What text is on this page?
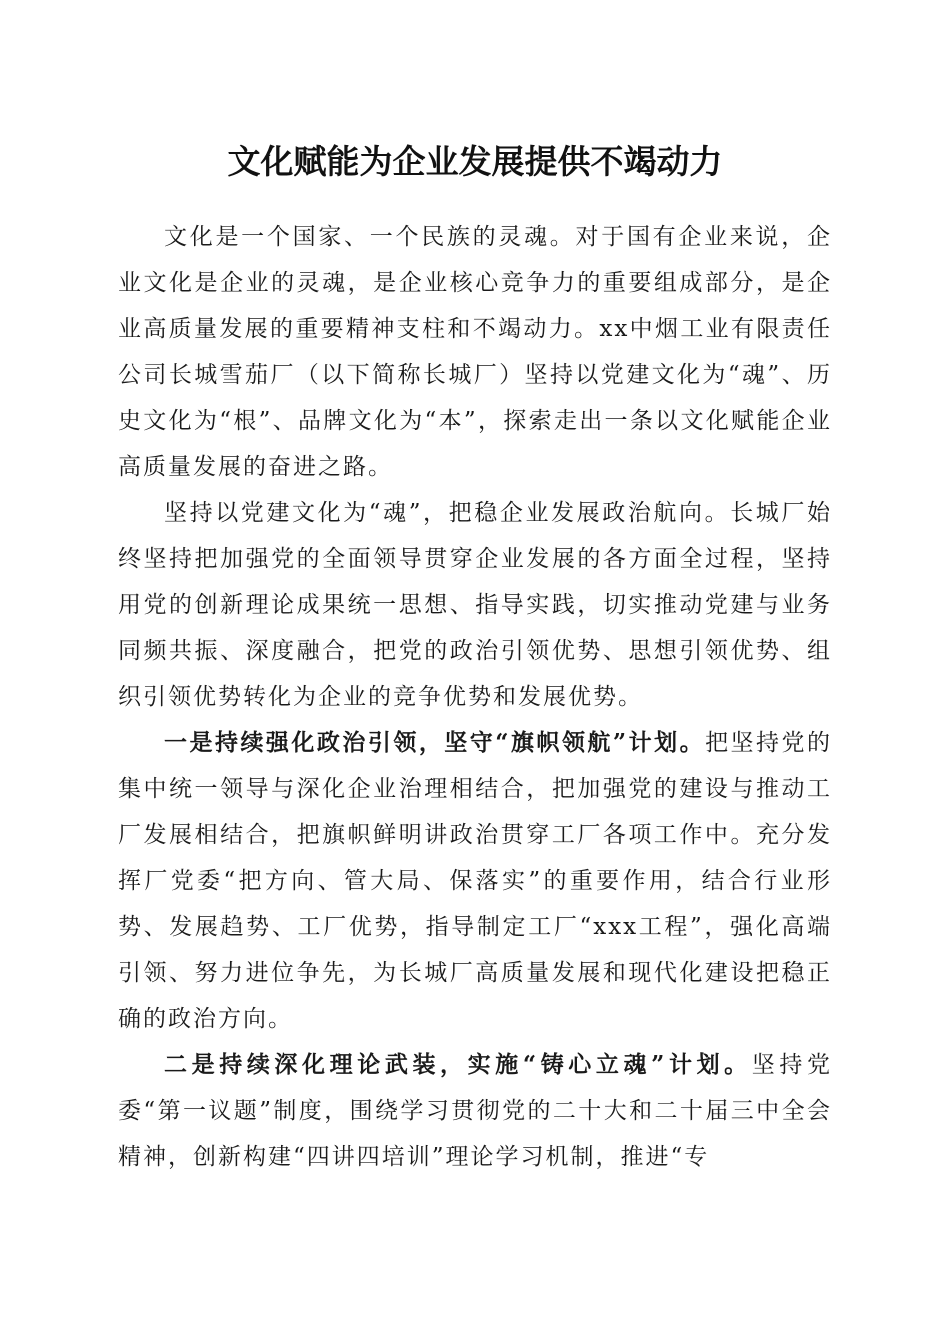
文化赋能为企业发展提供不竭动力

文化是一个国家、一个民族的灵魂。对于国有企业来说，企业文化是企业的灵魂，是企业核心竞争力的重要组成部分，是企业高质量发展的重要精神支柱和不竭动力。xx中烟工业有限责任公司长城雪茄厂（以下简称长城厂）坚持以党建文化为“魂”、历史文化为“根”、品牌文化为“本”，探索走出一条以文化赋能企业高质量发展的奋进之路。

坚持以党建文化为“魂”，把稳企业发展政治航向。长城厂始终坚持把加强党的全面领导贯穿企业发展的各方面全过程，坚持用党的创新理论成果统一思想、指导实践，切实推动党建与业务同频共振、深度融合，把党的政治引领优势、思想引领优势、组织引领优势转化为企业的竞争优势和发展优势。

一是持续强化政治引领，坚守“旗帜领航”计划。把坚持党的集中统一领导与深化企业治理相结合，把加强党的建设与推动工厂发展相结合，把旗帜鲜明讲政治贯穿工厂各项工作中。充分发挥厂党委“把方向、管大局、保落实”的重要作用，结合行业形势、发展趋势、工厂优势，指导制定工厂“xxx工程”，强化高端引领、努力进位争先，为长城厂高质量发展和现代化建设把稳正确的政治方向。

二是持续深化理论武装，实施“铸心立魂”计划。坚持党委“第一议题”制度，围绕学习贯彻党的二十大和二十届三中全会精神，创新构建“四讲四培训”理论学习机制，推进“专
